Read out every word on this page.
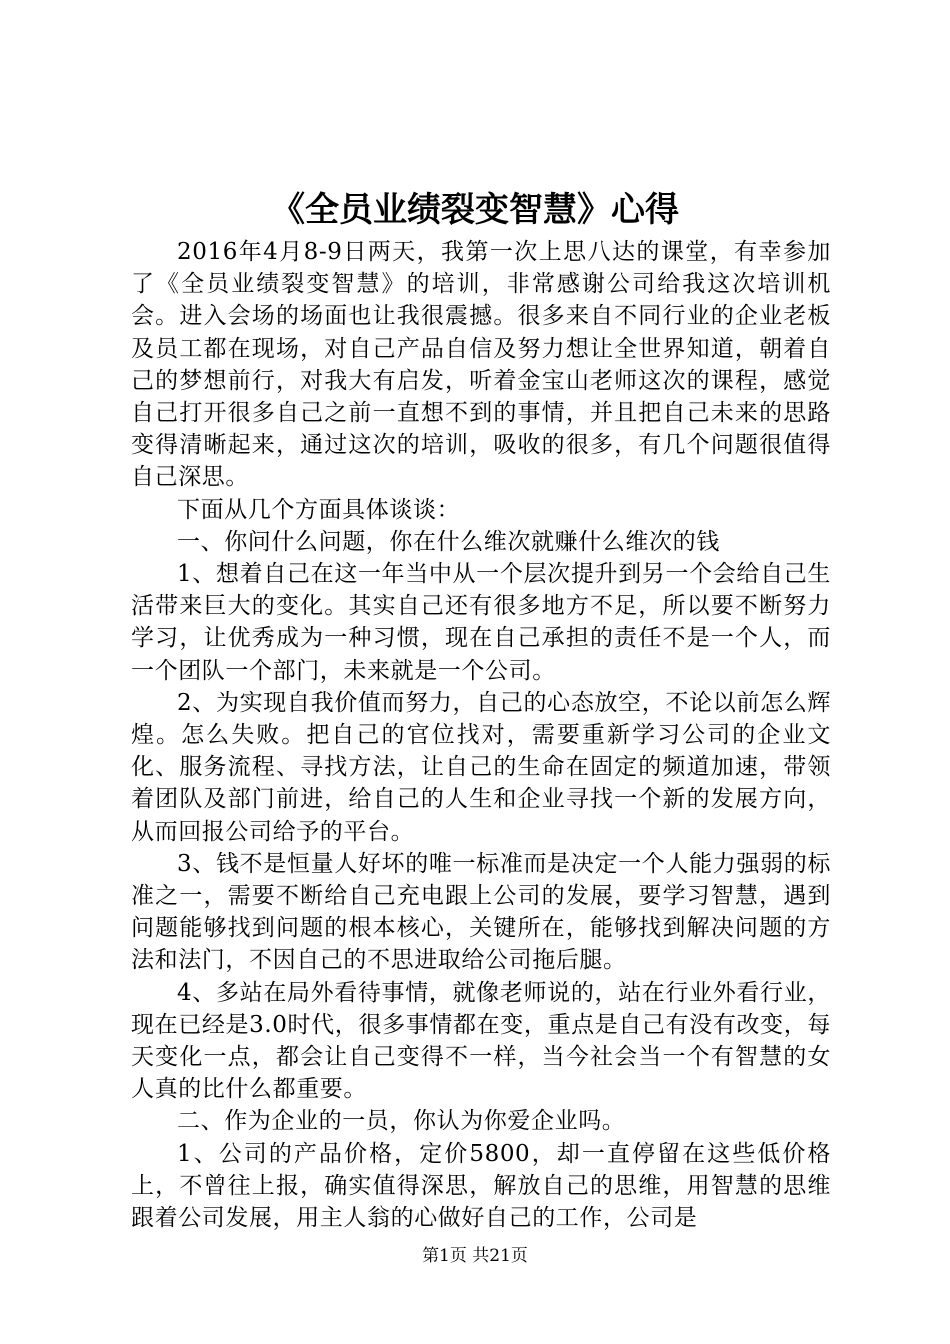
《全员业绩裂变智慧》心得

2016年4月8-9日两天，我第一次上思八达的课堂，有幸参加了《全员业绩裂变智慧》的培训，非常感谢公司给我这次培训机会。进入会场的场面也让我很震撼。很多来自不同行业的企业老板及员工都在现场，对自己产品自信及努力想让全世界知道，朝着自己的梦想前行，对我大有启发，听着金宝山老师这次的课程，感觉自己打开很多自己之前一直想不到的事情，并且把自己未来的思路变得清晰起来，通过这次的培训，吸收的很多，有几个问题很值得自己深思。

下面从几个方面具体谈谈：

一、你问什么问题，你在什么维次就赚什么维次的钱

1、想着自己在这一年当中从一个层次提升到另一个会给自己生活带来巨大的变化。其实自己还有很多地方不足，所以要不断努力学习，让优秀成为一种习惯，现在自己承担的责任不是一个人，而一个团队一个部门，未来就是一个公司。

2、为实现自我价值而努力，自己的心态放空，不论以前怎么辉煌。怎么失败。把自己的官位找对，需要重新学习公司的企业文化、服务流程、寻找方法，让自己的生命在固定的频道加速，带领着团队及部门前进，给自己的人生和企业寻找一个新的发展方向，从而回报公司给予的平台。

3、钱不是恒量人好坏的唯一标准而是决定一个人能力强弱的标准之一，需要不断给自己充电跟上公司的发展，要学习智慧，遇到问题能够找到问题的根本核心，关键所在，能够找到解决问题的方法和法门，不因自己的不思进取给公司拖后腿。

4、多站在局外看待事情，就像老师说的，站在行业外看行业，现在已经是3.0时代，很多事情都在变，重点是自己有没有改变，每天变化一点，都会让自己变得不一样，当今社会当一个有智慧的女人真的比什么都重要。

二、作为企业的一员，你认为你爱企业吗。

1、公司的产品价格，定价5800，却一直停留在这些低价格上，不曾往上报，确实值得深思，解放自己的思维，用智慧的思维跟着公司发展，用主人翁的心做好自己的工作，公司是

第1页 共21页
